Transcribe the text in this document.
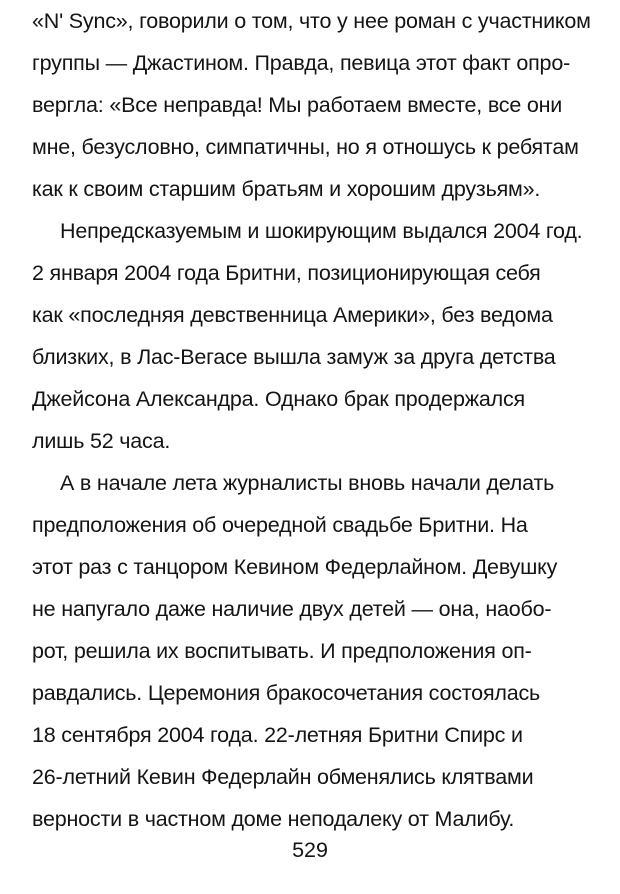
«N' Sync», говорили о том, что у нее роман с участником
группы — Джастином. Правда, певица этот факт опро-
вергла: «Все неправда! Мы работаем вместе, все они
мне, безусловно, симпатичны, но я отношусь к ребятам
как к своим старшим братьям и хорошим друзьям».
Непредсказуемым и шокирующим выдался 2004 год.
2 января 2004 года Бритни, позиционирующая себя
как «последняя девственница Америки», без ведома
близких, в Лас-Вегасе вышла замуж за друга детства
Джейсона Александра. Однако брак продержался
лишь 52 часа.
А в начале лета журналисты вновь начали делать
предположения об очередной свадьбе Бритни. На
этот раз с танцором Кевином Федерлайном. Девушку
не напугало даже наличие двух детей — она, наобо-
рот, решила их воспитывать. И предположения оп-
равдались. Церемония бракосочетания состоялась
18 сентября 2004 года. 22-летняя Бритни Спирс и
26-летний Кевин Федерлайн обменялись клятвами
верности в частном доме неподалеку от Малибу.
529
